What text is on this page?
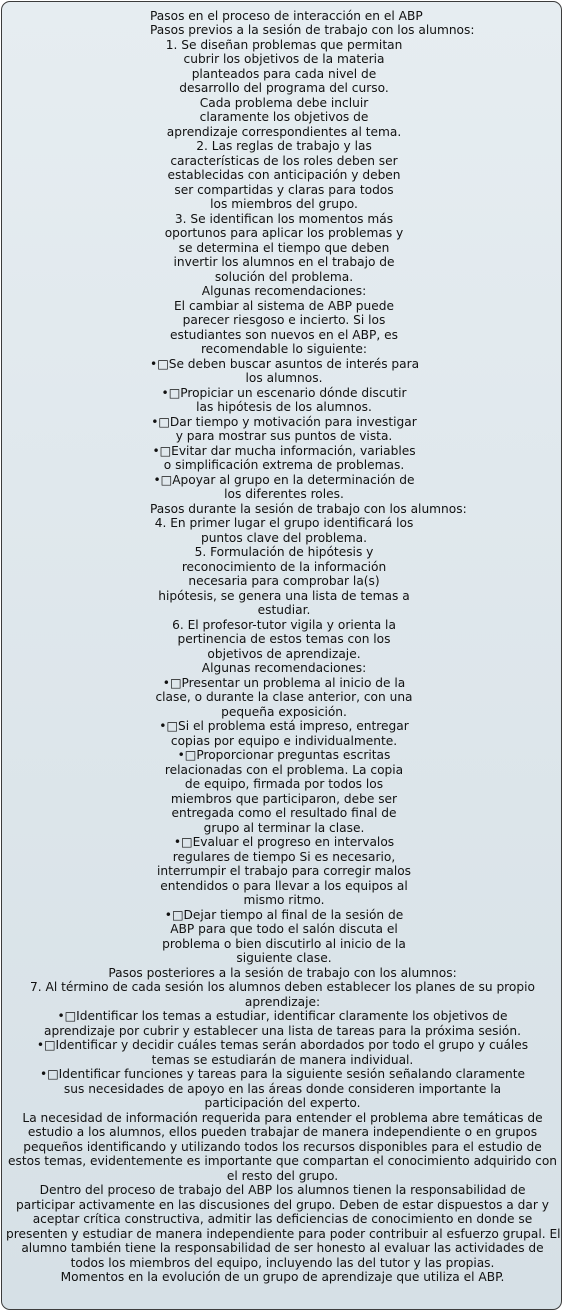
Pasos en el proceso de interacción en el ABP
Pasos previos a la sesión de trabajo con los alumnos:
1. Se diseñan problemas que permitan
cubrir los objetivos de la materia
planteados para cada nivel de
desarrollo del programa del curso.
Cada problema debe incluir
claramente los objetivos de
aprendizaje correspondientes al tema.
2. Las reglas de trabajo y las
características de los roles deben ser
establecidas con anticipación y deben
ser compartidas y claras para todos
los miembros del grupo.
3. Se identifican los momentos más
oportunos para aplicar los problemas y
se determina el tiempo que deben
invertir los alumnos en el trabajo de
solución del problema.
Algunas recomendaciones:
El cambiar al sistema de ABP puede
parecer riesgoso e incierto. Si los
estudiantes son nuevos en el ABP, es
recomendable lo siguiente:
•□Se deben buscar asuntos de interés para
los alumnos.
•□Propiciar un escenario dónde discutir
las hipótesis de los alumnos.
•□Dar tiempo y motivación para investigar
y para mostrar sus puntos de vista.
•□Evitar dar mucha información, variables
o simplificación extrema de problemas.
•□Apoyar al grupo en la determinación de
los diferentes roles.
Pasos durante la sesión de trabajo con los alumnos:
4. En primer lugar el grupo identificará los
puntos clave del problema.
5. Formulación de hipótesis y
reconocimiento de la información
necesaria para comprobar la(s)
hipótesis, se genera una lista de temas a
estudiar.
6. El profesor-tutor vigila y orienta la
pertinencia de estos temas con los
objetivos de aprendizaje.
Algunas recomendaciones:
•□Presentar un problema al inicio de la
clase, o durante la clase anterior, con una
pequeña exposición.
•□Si el problema está impreso, entregar
copias por equipo e individualmente.
•□Proporcionar preguntas escritas
relacionadas con el problema. La copia
de equipo, firmada por todos los
miembros que participaron, debe ser
entregada como el resultado final de
grupo al terminar la clase.
•□Evaluar el progreso en intervalos
regulares de tiempo Si es necesario,
interrumpir el trabajo para corregir malos
entendidos o para llevar a los equipos al
mismo ritmo.
•□Dejar tiempo al final de la sesión de
ABP para que todo el salón discuta el
problema o bien discutirlo al inicio de la
siguiente clase.
Pasos posteriores a la sesión de trabajo con los alumnos:
7. Al término de cada sesión los alumnos deben establecer los planes de su propio
aprendizaje:
•□Identificar los temas a estudiar, identificar claramente los objetivos de
aprendizaje por cubrir y establecer una lista de tareas para la próxima sesión.
•□Identificar y decidir cuáles temas serán abordados por todo el grupo y cuáles
temas se estudiarán de manera individual.
•□Identificar funciones y tareas para la siguiente sesión señalando claramente
sus necesidades de apoyo en las áreas donde consideren importante la
participación del experto.
La necesidad de información requerida para entender el problema abre temáticas de
estudio a los alumnos, ellos pueden trabajar de manera independiente o en grupos
pequeños identificando y utilizando todos los recursos disponibles para el estudio de
estos temas, evidentemente es importante que compartan el conocimiento adquirido con
el resto del grupo.
Dentro del proceso de trabajo del ABP los alumnos tienen la responsabilidad de
participar activamente en las discusiones del grupo. Deben de estar dispuestos a dar y
aceptar crítica constructiva, admitir las deficiencias de conocimiento en donde se
presenten y estudiar de manera independiente para poder contribuir al esfuerzo grupal. El
alumno también tiene la responsabilidad de ser honesto al evaluar las actividades de
todos los miembros del equipo, incluyendo las del tutor y las propias.
Momentos en la evolución de un grupo de aprendizaje que utiliza el ABP.
